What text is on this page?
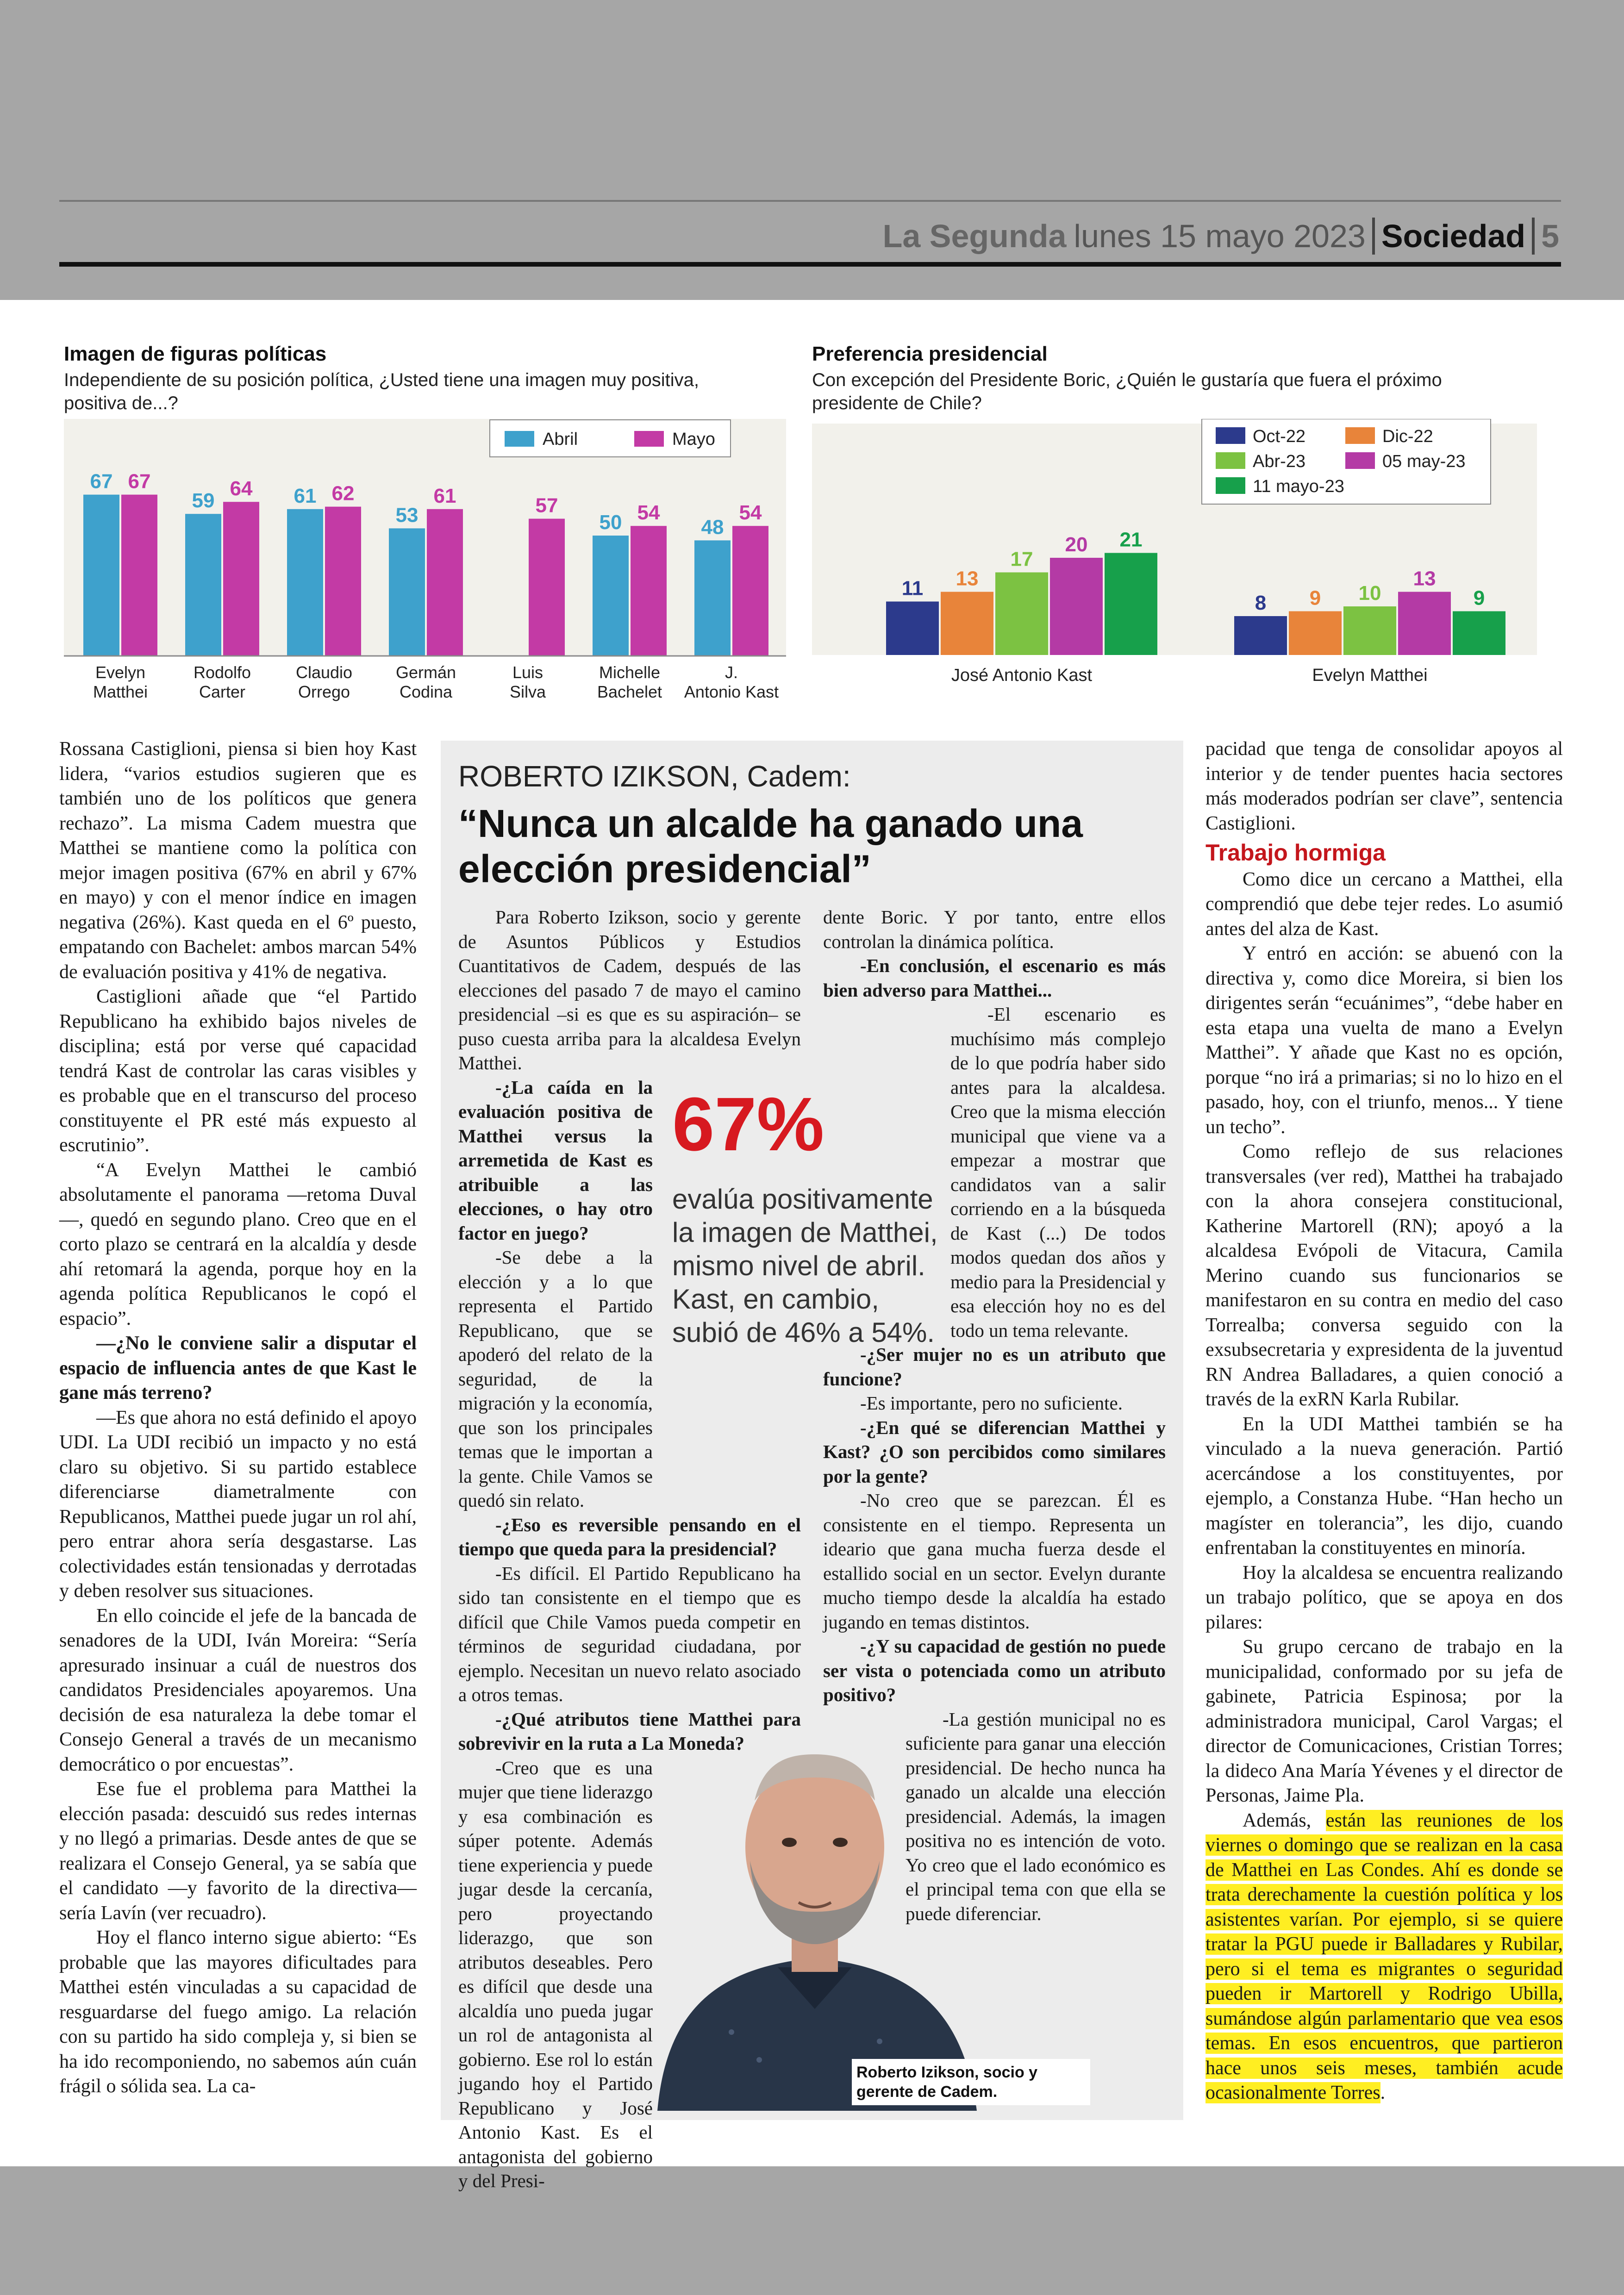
La Segunda lunes 15 mayo 2023 Sociedad 5
Imagen de figuras políticas
Independiente de su posición política, ¿Usted tiene una imagen muy positiva, positiva de...?
67 67
Evelyn
Matthei
59
64
Rodolfo
Carter
61 62
Claudio
Orrego
53
61
Germán
Codina
57
Luis
Silva
50 54
Michelle
Bachelet
48
54
J.
Antonio Kast
Abril	Mayo
Preferencia presidencial
Con excepción del Presidente Boric, ¿Quién le gustaría que fuera el próximo presidente de Chile?
11 13
17
20 21
José Antonio Kast
8 9 10
13
9
Evelyn Matthei
Oct-22	Dic-22
Abr-23	05 may-23
11 mayo-23

Rossana Castiglioni, piensa si bien hoy Kast lidera, “varios estudios sugieren que es también uno de los políticos que genera rechazo”. La misma Cadem muestra que Matthei se mantiene como la política con mejor imagen positiva (67% en abril y 67% en mayo) y con el menor índice en imagen negativa (26%). Kast queda en el 6º puesto, empatando con Bachelet: ambos marcan 54% de evaluación positiva y 41% de negativa.

Castiglioni añade que “el Partido Republicano ha exhibido bajos niveles de disciplina; está por verse qué capacidad tendrá Kast de controlar las caras visibles y es probable que en el transcurso del proceso constituyente el PR esté más expuesto al escrutinio”.

“A Evelyn Matthei le cambió absolutamente el panorama —retoma Duval—, quedó en segundo plano. Creo que en el corto plazo se centrará en la alcaldía y desde ahí retomará la agenda, porque hoy en la agenda política Republicanos le copó el espacio”.

—¿No le conviene salir a disputar el espacio de influencia antes de que Kast le gane más terreno?

—Es que ahora no está definido el apoyo UDI. La UDI recibió un impacto y no está claro su objetivo. Si su partido establece diferenciarse diametralmente con Republicanos, Matthei puede jugar un rol ahí, pero entrar ahora sería desgastarse. Las colectividades están tensionadas y derrotadas y deben resolver sus situaciones.

En ello coincide el jefe de la bancada de senadores de la UDI, Iván Moreira: “Sería apresurado insinuar a cuál de nuestros dos candidatos Presidenciales apoyaremos. Una decisión de esa naturaleza la debe tomar el Consejo General a través de un mecanismo democrático o por encuestas”.

Ese fue el problema para Matthei la elección pasada: descuidó sus redes internas y no llegó a primarias. Desde antes de que se realizara el Consejo General, ya se sabía que el candidato —y favorito de la directiva— sería Lavín (ver recuadro).

Hoy el flanco interno sigue abierto: “Es probable que las mayores dificultades para Matthei estén vinculadas a su capacidad de resguardarse del fuego amigo. La relación con su partido ha sido compleja y, si bien se ha ido recomponiendo, no sabemos aún cuán frágil o sólida sea. La ca-

ROBERTO IZIKSON, Cadem:
“Nunca un alcalde ha ganado una elección presidencial”

Para Roberto Izikson, socio y gerente de Asuntos Públicos y Estudios Cuantitativos de Cadem, después de las elecciones del pasado 7 de mayo el camino presidencial –si es que es su aspiración– se puso cuesta arriba para la alcaldesa Evelyn Matthei.

-¿La caída en la evaluación positiva de Matthei versus la arremetida de Kast es atribuible a las elecciones, o hay otro factor en juego?

-Se debe a la elección y a lo que representa el Partido Republicano, que se apoderó del relato de la seguridad, de la migración y la economía, que son los principales temas que le importan a la gente. Chile Vamos se quedó sin relato.

-¿Eso es reversible pensando en el tiempo que queda para la presidencial?

-Es difícil. El Partido Republicano ha sido tan consistente en el tiempo que es difícil que Chile Vamos pueda competir en términos de seguridad ciudadana, por ejemplo. Necesitan un nuevo relato asociado a otros temas.

-¿Qué atributos tiene Matthei para sobrevivir en la ruta a La Moneda?

-Creo que es una mujer que tiene liderazgo y esa combinación es súper potente. Además tiene experiencia y puede jugar desde la cercanía, pero proyectando liderazgo, que son atributos deseables. Pero es difícil que desde una alcaldía uno pueda jugar un rol de antagonista al gobierno. Ese rol lo están jugando hoy el Partido Republicano y José Antonio Kast. Es el antagonista del gobierno y del Presi-

67%
evalúa positivamente la imagen de Matthei, mismo nivel de abril. Kast, en cambio, subió de 46% a 54%.

dente Boric. Y por tanto, entre ellos controlan la dinámica política.

-En conclusión, el escenario es más bien adverso para Matthei...

-El escenario es muchísimo más complejo de lo que podría haber sido antes para la alcaldesa. Creo que la misma elección municipal que viene va a empezar a mostrar que candidatos van a salir corriendo en a la búsqueda de Kast (...) De todos modos quedan dos años y medio para la Presidencial y esa elección hoy no es del todo un tema relevante.

-¿Ser mujer no es un atributo que funcione?

-Es importante, pero no suficiente.

-¿En qué se diferencian Matthei y Kast? ¿O son percibidos como similares por la gente?

-No creo que se parezcan. Él es consistente en el tiempo. Representa un ideario que gana mucha fuerza desde el estallido social en un sector. Evelyn durante mucho tiempo desde la alcaldía ha estado jugando en temas distintos.

-¿Y su capacidad de gestión no puede ser vista o potenciada como un atributo positivo?

-La gestión municipal no es suficiente para ganar una elección presidencial. De hecho nunca ha ganado un alcalde una elección presidencial. Además, la imagen positiva no es intención de voto. Yo creo que el lado económico es el principal tema con que ella se puede diferenciar.

Roberto Izikson, socio y gerente de Cadem.

pacidad que tenga de consolidar apoyos al interior y de tender puentes hacia sectores más moderados podrían ser clave”, sentencia Castiglioni.

Trabajo hormiga

Como dice un cercano a Matthei, ella comprendió que debe tejer redes. Lo asumió antes del alza de Kast.

Y entró en acción: se abuenó con la directiva y, como dice Moreira, si bien los dirigentes serán “ecuánimes”, “debe haber en esta etapa una vuelta de mano a Evelyn Matthei”. Y añade que Kast no es opción, porque “no irá a primarias; si no lo hizo en el pasado, hoy, con el triunfo, menos... Y tiene un techo”.

Como reflejo de sus relaciones transversales (ver red), Matthei ha trabajado con la ahora consejera constitucional, Katherine Martorell (RN); apoyó a la alcaldesa Evópoli de Vitacura, Camila Merino cuando sus funcionarios se manifestaron en su contra en medio del caso Torrealba; conversa seguido con la exsubsecretaria y expresidenta de la juventud RN Andrea Balladares, a quien conoció a través de la exRN Karla Rubilar.

En la UDI Matthei también se ha vinculado a la nueva generación. Partió acercándose a los constituyentes, por ejemplo, a Constanza Hube. “Han hecho un magíster en tolerancia”, les dijo, cuando enfrentaban la constituyentes en minoría.

Hoy la alcaldesa se encuentra realizando un trabajo político, que se apoya en dos pilares:

Su grupo cercano de trabajo en la municipalidad, conformado por su jefa de gabinete, Patricia Espinosa; por la administradora municipal, Carol Vargas; el director de Comunicaciones, Cristian Torres; la dideco Ana María Yévenes y el director de Personas, Jaime Pla.

Además, están las reuniones de los viernes o domingo que se realizan en la casa de Matthei en Las Condes. Ahí es donde se trata derechamente la cuestión política y los asistentes varían. Por ejemplo, si se quiere tratar la PGU puede ir Balladares y Rubilar, pero si el tema es migrantes o seguridad pueden ir Martorell y Rodrigo Ubilla, sumándose algún parlamentario que vea esos temas. En esos encuentros, que partieron hace unos seis meses, también acude ocasionalmente Torres.
